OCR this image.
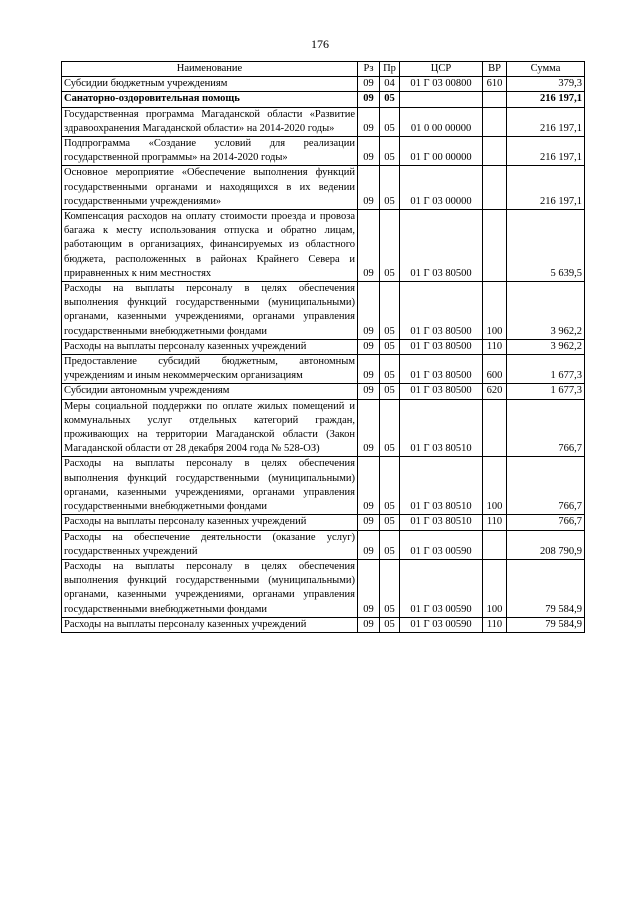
176
Наименование	Рз	Пр	ЦСР	ВР	Сумма
Субсидии бюджетным учреждениям	09	04	01 Г 03 00800	610	379,3
Санаторно-оздоровительная помощь	09	05			216 197,1
Государственная программа Магаданской области «Развитие здравоохранения Магаданской области» на 2014-2020 годы»	09	05	01 0 00 00000		216 197,1
Подпрограмма «Создание условий для реализации государственной программы» на 2014-2020 годы»	09	05	01 Г 00 00000		216 197,1
Основное мероприятие «Обеспечение выполнения функций государственными органами и находящихся в их ведении государственными учреждениями»	09	05	01 Г 03 00000		216 197,1
Компенсация расходов на оплату стоимости проезда и провоза багажа к месту использования отпуска и обратно лицам, работающим в организациях, финансируемых из областного бюджета, расположенных в районах Крайнего Севера и приравненных к ним местностях	09	05	01 Г 03 80500		5 639,5
Расходы на выплаты персоналу в целях обеспечения выполнения функций государственными (муниципальными) органами, казенными учреждениями, органами управления государственными внебюджетными фондами	09	05	01 Г 03 80500	100	3 962,2
Расходы на выплаты персоналу казенных учреждений	09	05	01 Г 03 80500	110	3 962,2
Предоставление субсидий бюджетным, автономным учреждениям и иным некоммерческим организациям	09	05	01 Г 03 80500	600	1 677,3
Субсидии автономным учреждениям	09	05	01 Г 03 80500	620	1 677,3
Меры социальной поддержки по оплате жилых помещений и коммунальных услуг отдельных категорий граждан, проживающих на территории Магаданской области (Закон Магаданской области от 28 декабря 2004 года № 528-ОЗ)	09	05	01 Г 03 80510		766,7
Расходы на выплаты персоналу в целях обеспечения выполнения функций государственными (муниципальными) органами, казенными учреждениями, органами управления государственными внебюджетными фондами	09	05	01 Г 03 80510	100	766,7
Расходы на выплаты персоналу казенных учреждений	09	05	01 Г 03 80510	110	766,7
Расходы на обеспечение деятельности (оказание услуг) государственных учреждений	09	05	01 Г 03 00590		208 790,9
Расходы на выплаты персоналу в целях обеспечения выполнения функций государственными (муниципальными) органами, казенными учреждениями, органами управления государственными внебюджетными фондами	09	05	01 Г 03 00590	100	79 584,9
Расходы на выплаты персоналу казенных учреждений	09	05	01 Г 03 00590	110	79 584,9
